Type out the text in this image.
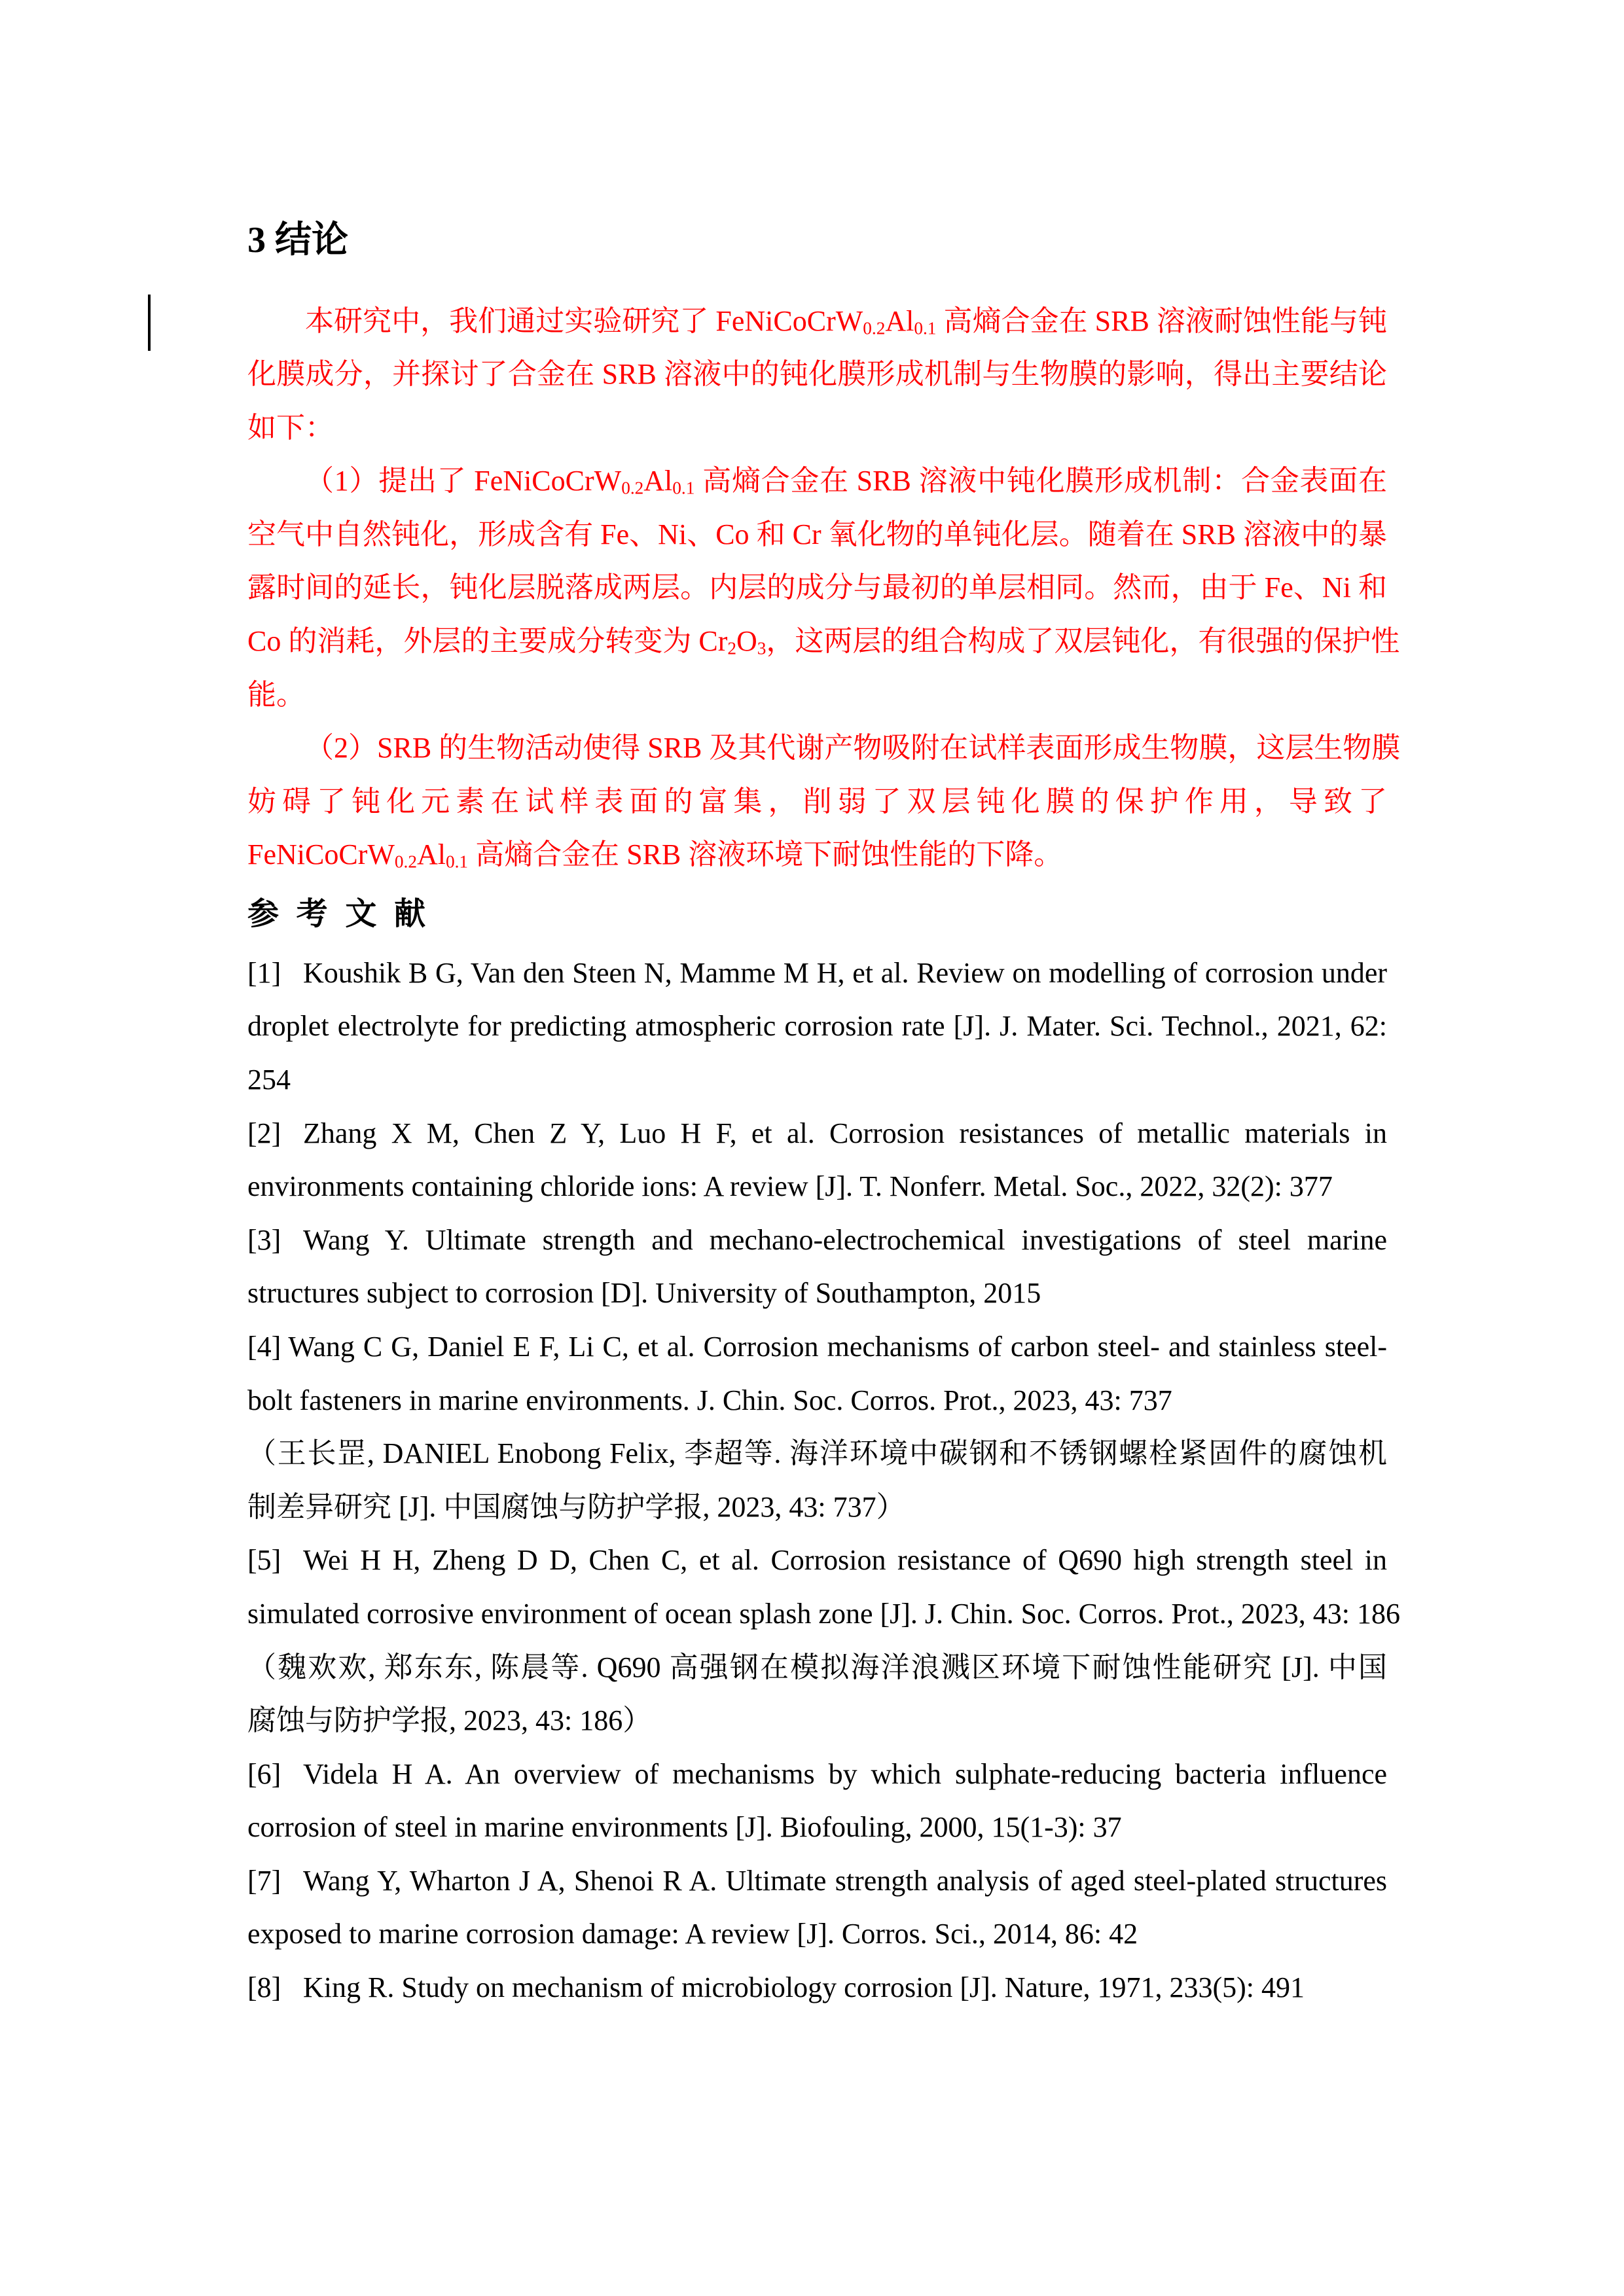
3 结论
本研究中，我们通过实验研究了 $FeNiCoCrW_{0.2}Al_{0.1}$ 高熵合金在 SRB 溶液耐蚀性能与钝
化膜成分，并探讨了合金在 SRB 溶液中的钝化膜形成机制与生物膜的影响，得出主要结论
如下：
（1）提出了 $FeNiCoCrW_{0.2}Al_{0.1}$ 高熵合金在 SRB 溶液中钝化膜形成机制：合金表面在
空气中自然钝化，形成含有 Fe、Ni、Co 和 Cr 氧化物的单钝化层。随着在 SRB 溶液中的暴
露时间的延长，钝化层脱落成两层。内层的成分与最初的单层相同。然而，由于 Fe、Ni 和
Co 的消耗，外层的主要成分转变为 $Cr_2O_3$，这两层的组合构成了双层钝化，有很强的保护性
能。
（2）SRB 的生物活动使得 SRB 及其代谢产物吸附在试样表面形成生物膜，这层生物膜
妨碍了钝化元素在试样表面的富集，削弱了双层钝化膜的保护作用，导致了
$FeNiCoCrW_{0.2}Al_{0.1}$ 高熵合金在 SRB 溶液环境下耐蚀性能的下降。
参 考 文 献
[1] Koushik B G, Van den Steen N, Mamme M H, et al. Review on modelling of corrosion under
droplet electrolyte for predicting atmospheric corrosion rate [J]. J. Mater. Sci. Technol., 2021, 62:
254
[2] Zhang X M, Chen Z Y, Luo H F, et al. Corrosion resistances of metallic materials in
environments containing chloride ions: A review [J]. T. Nonferr. Metal. Soc., 2022, 32(2): 377
[3] Wang Y. Ultimate strength and mechano-electrochemical investigations of steel marine
structures subject to corrosion [D]. University of Southampton, 2015
[4] Wang C G, Daniel E F, Li C, et al. Corrosion mechanisms of carbon steel- and stainless steel-
bolt fasteners in marine environments. J. Chin. Soc. Corros. Prot., 2023, 43: 737
（王长罡, DANIEL Enobong Felix, 李超等. 海洋环境中碳钢和不锈钢螺栓紧固件的腐蚀机
制差异研究 [J]. 中国腐蚀与防护学报, 2023, 43: 737）
[5] Wei H H, Zheng D D, Chen C, et al. Corrosion resistance of Q690 high strength steel in
simulated corrosive environment of ocean splash zone [J]. J. Chin. Soc. Corros. Prot., 2023, 43: 186
（魏欢欢, 郑东东, 陈晨等. Q690 高强钢在模拟海洋浪溅区环境下耐蚀性能研究 [J]. 中国
腐蚀与防护学报, 2023, 43: 186）
[6] Videla H A. An overview of mechanisms by which sulphate-reducing bacteria influence
corrosion of steel in marine environments [J]. Biofouling, 2000, 15(1-3): 37
[7] Wang Y, Wharton J A, Shenoi R A. Ultimate strength analysis of aged steel-plated structures
exposed to marine corrosion damage: A review [J]. Corros. Sci., 2014, 86: 42
[8] King R. Study on mechanism of microbiology corrosion [J]. Nature, 1971, 233(5): 491
